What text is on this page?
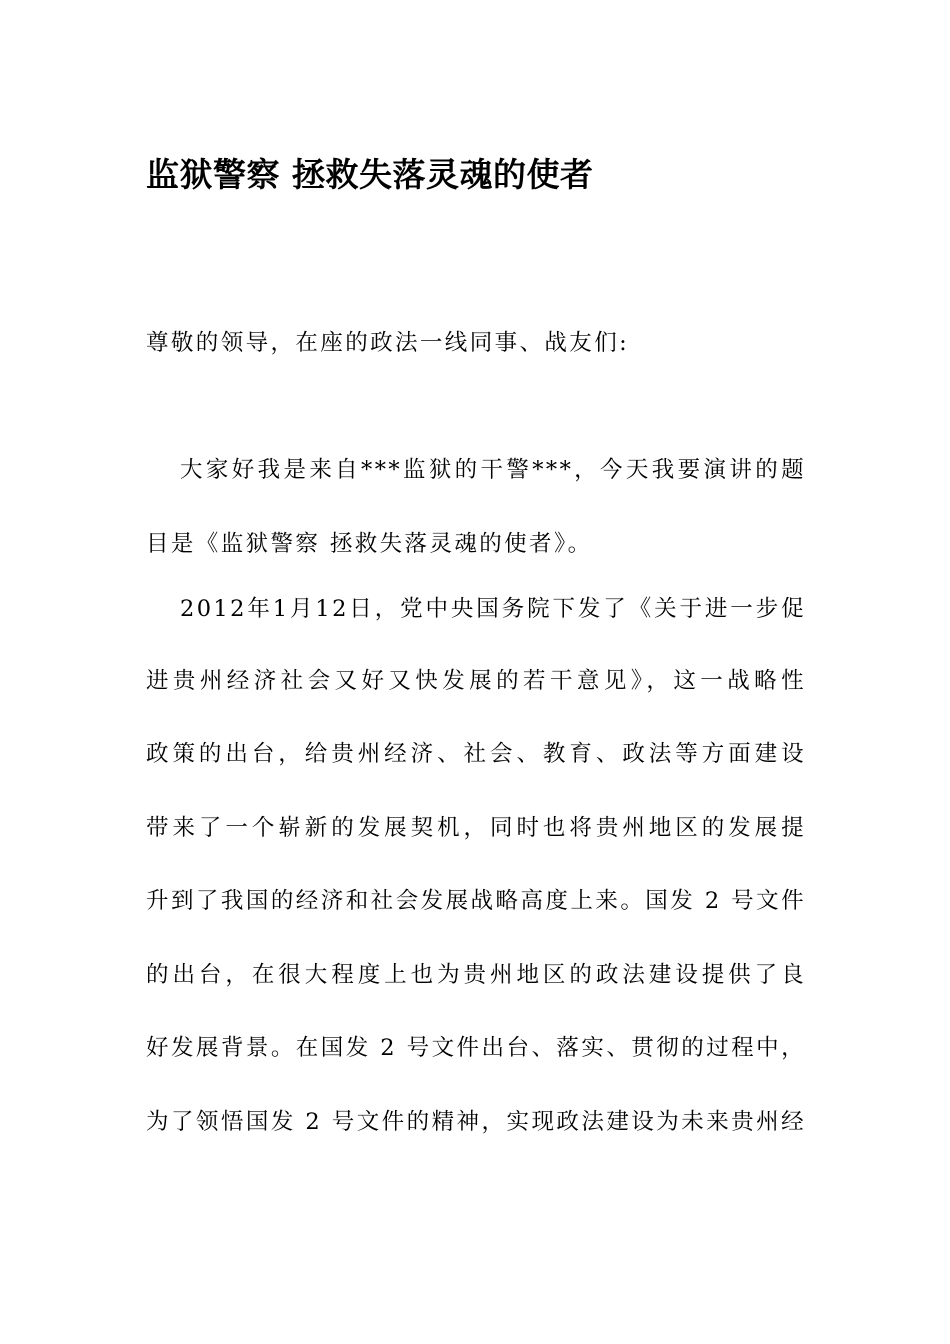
监狱警察 拯救失落灵魂的使者
尊敬的领导，在座的政法一线同事、战友们:
大家好我是来自***监狱的干警***，今天我要演讲的题
目是《监狱警察 拯救失落灵魂的使者》。
2012年1月12日，党中央国务院下发了《关于进一步促
进贵州经济社会又好又快发展的若干意见》，这一战略性
政策的出台，给贵州经济、社会、教育、政法等方面建设
带来了一个崭新的发展契机，同时也将贵州地区的发展提
升到了我国的经济和社会发展战略高度上来。国发 2 号文件
的出台，在很大程度上也为贵州地区的政法建设提供了良
好发展背景。在国发 2 号文件出台、落实、贯彻的过程中，
为了领悟国发 2 号文件的精神，实现政法建设为未来贵州经
